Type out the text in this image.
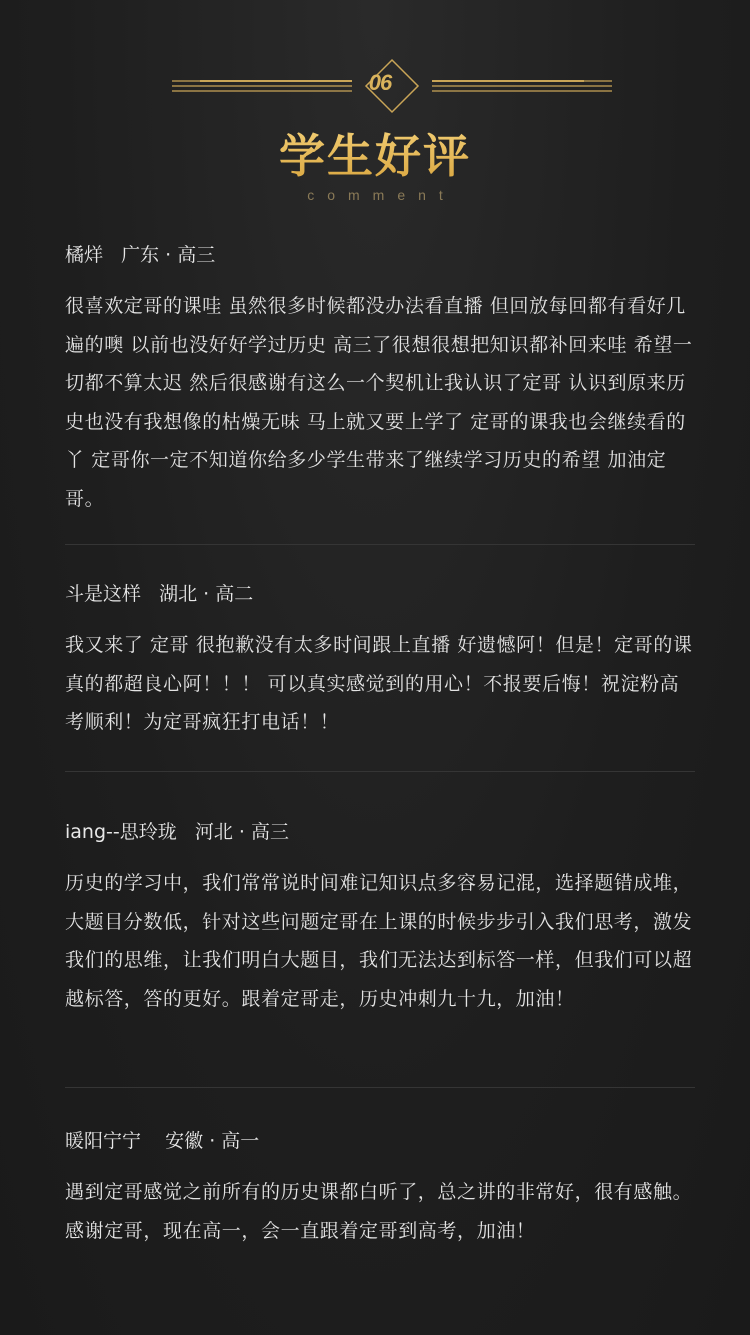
06
学生好评
comment
橘烊   广东 · 高三
很喜欢定哥的课哇 虽然很多时候都没办法看直播 但回放每回都有看好几遍的噢 以前也没好好学过历史 高三了很想很想把知识都补回来哇 希望一切都不算太迟 然后很感谢有这么一个契机让我认识了定哥 认识到原来历史也没有我想像的枯燥无味 马上就又要上学了 定哥的课我也会继续看的丫 定哥你一定不知道你给多少学生带来了继续学习历史的希望 加油定哥。
斗是这样   湖北 · 高二
我又来了 定哥 很抱歉没有太多时间跟上直播 好遗憾阿！但是！定哥的课真的都超良心阿！！！ 可以真实感觉到的用心！不报要后悔！祝淀粉高考顺利！为定哥疯狂打电话！！
iang--思玲珑   河北 · 高三
历史的学习中，我们常常说时间难记知识点多容易记混，选择题错成堆，大题目分数低，针对这些问题定哥在上课的时候步步引入我们思考，激发我们的思维，让我们明白大题目，我们无法达到标答一样，但我们可以超越标答，答的更好。跟着定哥走，历史冲刺九十九，加油！
暖阳宁宁    安徽 · 高一
遇到定哥感觉之前所有的历史课都白听了，总之讲的非常好，很有感触。感谢定哥，现在高一，会一直跟着定哥到高考，加油！
